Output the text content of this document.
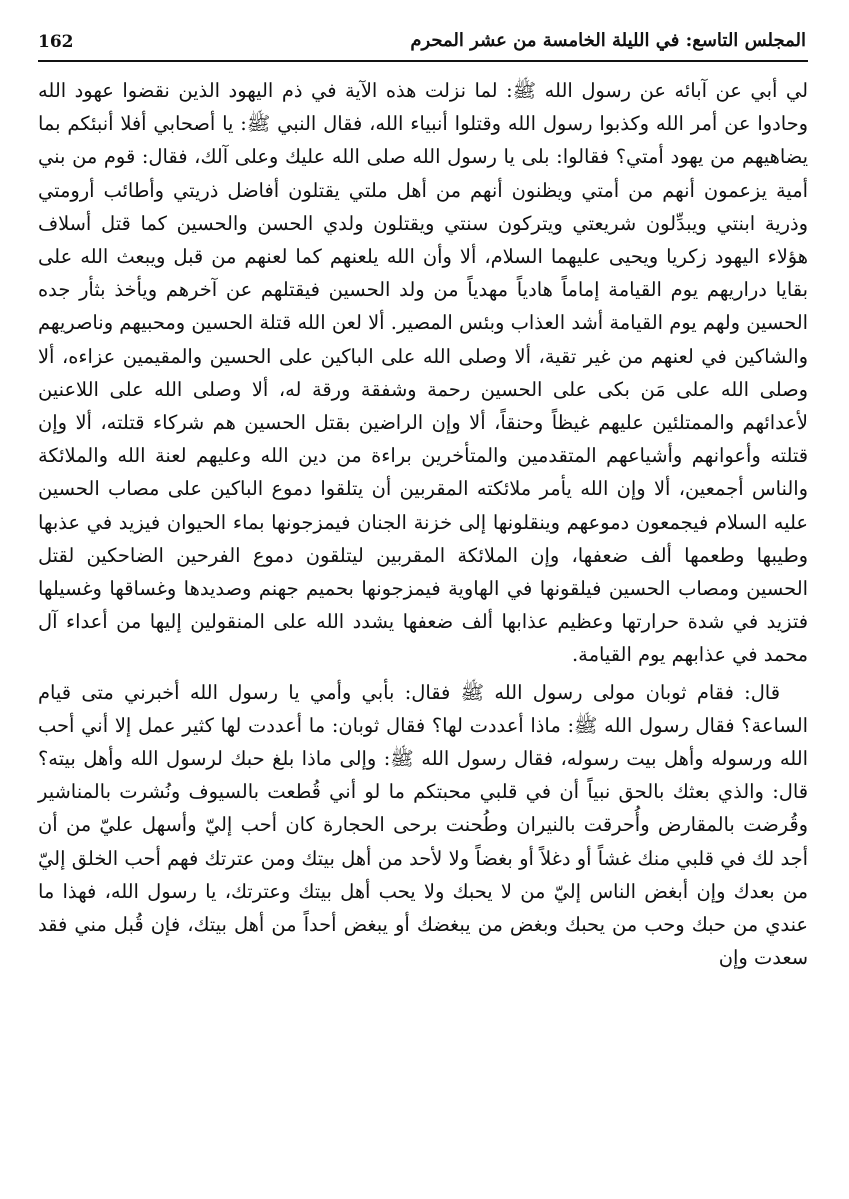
162	المجلس التاسع: في الليلة الخامسة من عشر المحرم

لي أبي عن آبائه عن رسول الله ﷺ: لما نزلت هذه الآية في ذم اليهود الذين نقضوا عهود الله وحادوا عن أمر الله وكذبوا رسول الله وقتلوا أنبياء الله، فقال النبي ﷺ: يا أصحابي أفلا أنبئكم بما يضاهيهم من يهود أمتي؟ فقالوا: بلى يا رسول الله صلى الله عليك وعلى آلك، فقال: قوم من بني أمية يزعمون أنهم من أمتي ويظنون أنهم من أهل ملتي يقتلون أفاضل ذريتي وأطائب أرومتي وذرية ابنتي ويبدِّلون شريعتي ويتركون سنتي ويقتلون ولدي الحسن والحسين كما قتل أسلاف هؤلاء اليهود زكريا ويحيى عليهما السلام، ألا وأن الله يلعنهم كما لعنهم من قبل ويبعث الله على بقايا دراريهم يوم القيامة إماماً هادياً مهدياً من ولد الحسين فيقتلهم عن آخرهم ويأخذ بثأر جده الحسين ولهم يوم القيامة أشد العذاب وبئس المصير. ألا لعن الله قتلة الحسين ومحبيهم وناصريهم والشاكين في لعنهم من غير تقية، ألا وصلى الله على الباكين على الحسين والمقيمين عزاءه، ألا وصلى الله على مَن بكى على الحسين رحمة وشفقة ورقة له، ألا وصلى الله على اللاعنين لأعدائهم والممتلئين عليهم غيظاً وحنقاً، ألا وإن الراضين بقتل الحسين هم شركاء قتلته، ألا وإن قتلته وأعوانهم وأشياعهم المتقدمين والمتأخرين براءة من دين الله وعليهم لعنة الله والملائكة والناس أجمعين، ألا وإن الله يأمر ملائكته المقربين أن يتلقوا دموع الباكين على مصاب الحسين عليه السلام فيجمعون دموعهم وينقلونها إلى خزنة الجنان فيمزجونها بماء الحيوان فيزيد في عذبها وطيبها وطعمها ألف ضعفها، وإن الملائكة المقربين ليتلقون دموع الفرحين الضاحكين لقتل الحسين ومصاب الحسين فيلقونها في الهاوية فيمزجونها بحميم جهنم وصديدها وغساقها وغسيلها فتزيد في شدة حرارتها وعظيم عذابها ألف ضعفها يشدد الله على المنقولين إليها من أعداء آل محمد في عذابهم يوم القيامة.

قال: فقام ثوبان مولى رسول الله ﷺ فقال: بأبي وأمي يا رسول الله أخبرني متى قيام الساعة؟ فقال رسول الله ﷺ: ماذا أعددت لها؟ فقال ثوبان: ما أعددت لها كثير عمل إلا أني أحب الله ورسوله وأهل بيت رسوله، فقال رسول الله ﷺ: وإلى ماذا بلغ حبك لرسول الله وأهل بيته؟ قال: والذي بعثك بالحق نبياً أن في قلبي محبتكم ما لو أني قُطعت بالسيوف ونُشرت بالمناشير وقُرضت بالمقارض وأُحرقت بالنيران وطُحنت برحى الحجارة كان أحب إليّ وأسهل عليّ من أن أجد لك في قلبي منك غشاً أو دغلاً أو بغضاً ولا لأحد من أهل بيتك ومن عترتك فهم أحب الخلق إليّ من بعدك وإن أبغض الناس إليّ من لا يحبك ولا يحب أهل بيتك وعترتك، يا رسول الله، فهذا ما عندي من حبك وحب من يحبك وبغض من يبغضك أو يبغض أحداً من أهل بيتك، فإن قُبل مني فقد سعدت وإن
